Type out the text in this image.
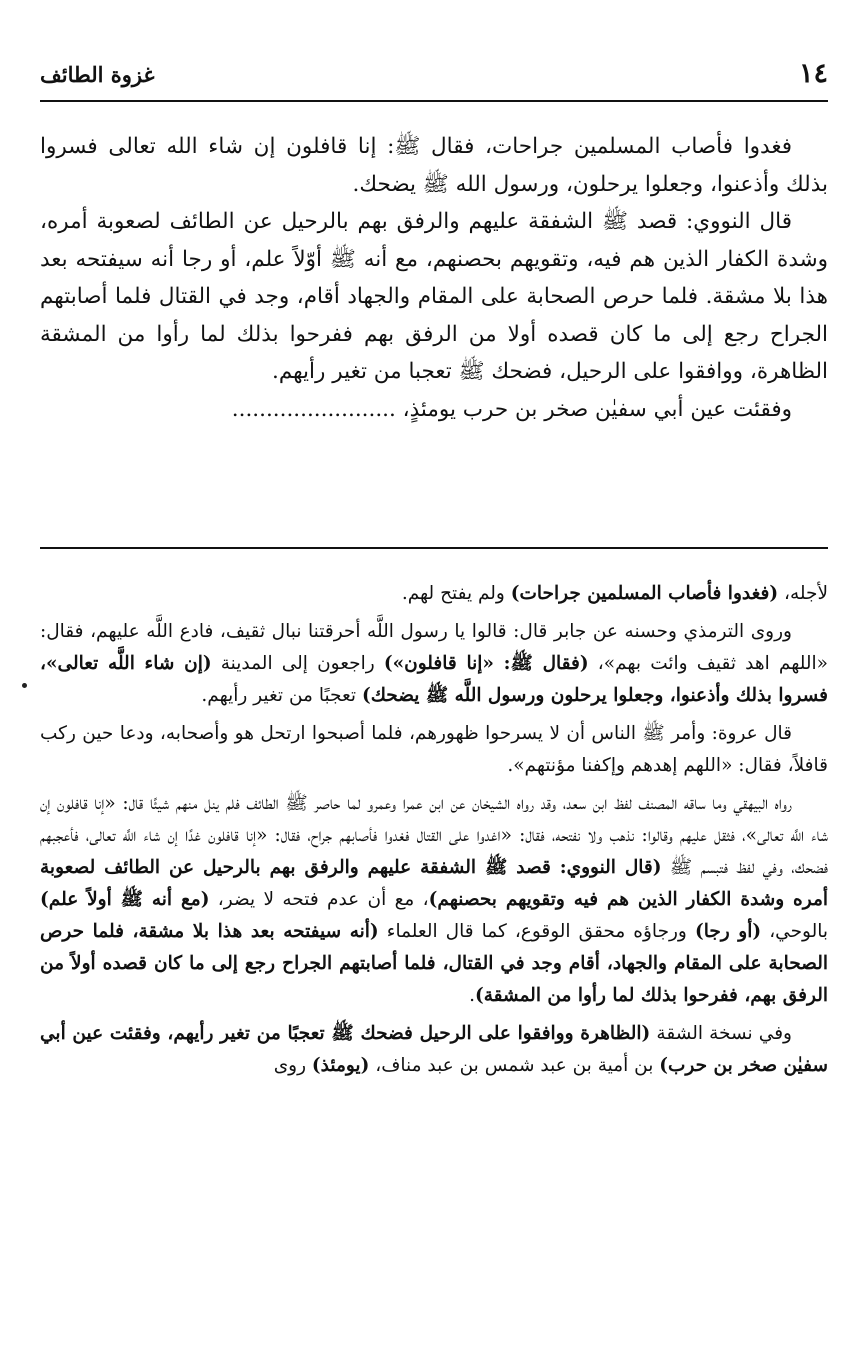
١٤
غزوة الطائف

فغدوا فأصاب المسلمين جراحات، فقال ﷺ: إنا قافلون إن شاء الله تعالى فسروا بذلك وأذعنوا، وجعلوا يرحلون، ورسول الله ﷺ يضحك.

قال النووي: قصد ﷺ الشفقة عليهم والرفق بهم بالرحيل عن الطائف لصعوبة أمره، وشدة الكفار الذين هم فيه، وتقويهم بحصنهم، مع أنه ﷺ أوّلاً علم، أو رجا أنه سيفتحه بعد هذا بلا مشقة. فلما حرص الصحابة على المقام والجهاد أقام، وجد في القتال فلما أصابتهم الجراح رجع إلى ما كان قصده أولا من الرفق بهم ففرحوا بذلك لما رأوا من المشقة الظاهرة، ووافقوا على الرحيل، فضحك ﷺ تعجبا من تغير رأيهم.

وفقئت عين أبي سفيٰن صخر بن حرب يومئذٍ، ........................

لأجله، (فغدوا فأصاب المسلمين جراحات) ولم يفتح لهم.

وروى الترمذي وحسنه عن جابر قال: قالوا يا رسول اللَّه أحرقتنا نبال ثقيف، فادع اللَّه عليهم، فقال: «اللهم اهد ثقيف وائت بهم»، (فقال ﷺ: «إنا قافلون») راجعون إلى المدينة (إن شاء اللَّه تعالى»، فسروا بذلك وأذعنوا، وجعلوا يرحلون ورسول اللَّه ﷺ يضحك) تعجبًا من تغير رأيهم.

قال عروة: وأمر ﷺ الناس أن لا يسرحوا ظهورهم، فلما أصبحوا ارتحل هو وأصحابه، ودعا حين ركب قافلاً، فقال: «اللهم إهدهم وإكفنا مؤنتهم».

رواه البيهقي وما ساقه المصنف لفظ ابن سعد، وقد رواه الشيخان عن ابن عمرا وعمرو لما حاصر ﷺ الطائف فلم ينل منهم شيئًا قال: «إنا قافلون إن شاء اللَّه تعالى»، فثقل عليهم وقالوا: نذهب ولا نفتحه، فقال: «اغدوا على القتال فغدوا فأصابهم جراح، فقال: «إنا قافلون غدًا إن شاء اللَّه تعالى، فأعجبهم فضحك، وفي لفظ فتبسم ﷺ (قال النووي: قصد ﷺ الشفقة عليهم والرفق بهم بالرحيل عن الطائف لصعوبة أمره وشدة الكفار الذين هم فيه وتقويهم بحصنهم)، مع أن عدم فتحه لا يضر، (مع أنه ﷺ أولاً علم) بالوحي، (أو رجا) ورجاؤه محقق الوقوع، كما قال العلماء (أنه سيفتحه بعد هذا بلا مشقة، فلما حرص الصحابة على المقام والجهاد، أقام وجد في القتال، فلما أصابتهم الجراح رجع إلى ما كان قصده أولاً من الرفق بهم، ففرحوا بذلك لما رأوا من المشقة).

وفي نسخة الشقة (الظاهرة ووافقوا على الرحيل فضحك ﷺ تعجبًا من تغير رأيهم، وفقئت عين أبي سفيٰن صخر بن حرب) بن أمية بن عبد شمس بن عبد مناف، (يومئذ) روى
